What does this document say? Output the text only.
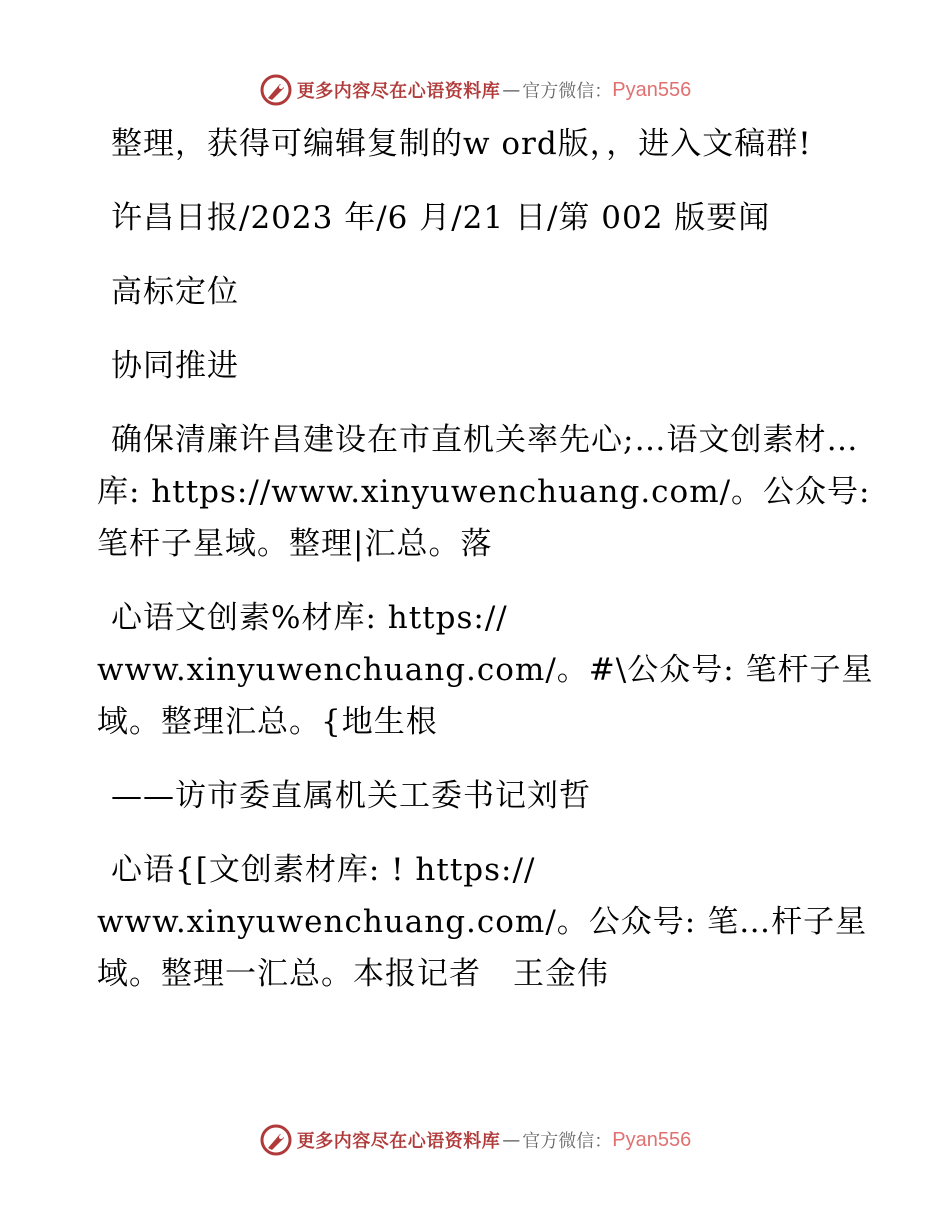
更多内容尽在心语资料库 — 官方微信： Pyan556

整理，获得可编辑复制的w ord版，，进入文稿群!

许昌日报/2023 年/6 月/21 日/第 002 版要闻

高标定位

协同推进

确保清廉许昌建设在市直机关率先心;…语文创素材…库: https://www.xinyuwenchuang.com/。公众号: 笔杆子星域。整理|汇总。落

心语文创素%材库: https://
www.xinyuwenchuang.com/。#\公众号: 笔杆子星域。整理汇总。{地生根

——访市委直属机关工委书记刘哲

心语{[文创素材库: ! https://
www.xinyuwenchuang.com/。公众号: 笔…杆子星域。整理一汇总。本报记者　王金伟

更多内容尽在心语资料库 — 官方微信： Pyan556
